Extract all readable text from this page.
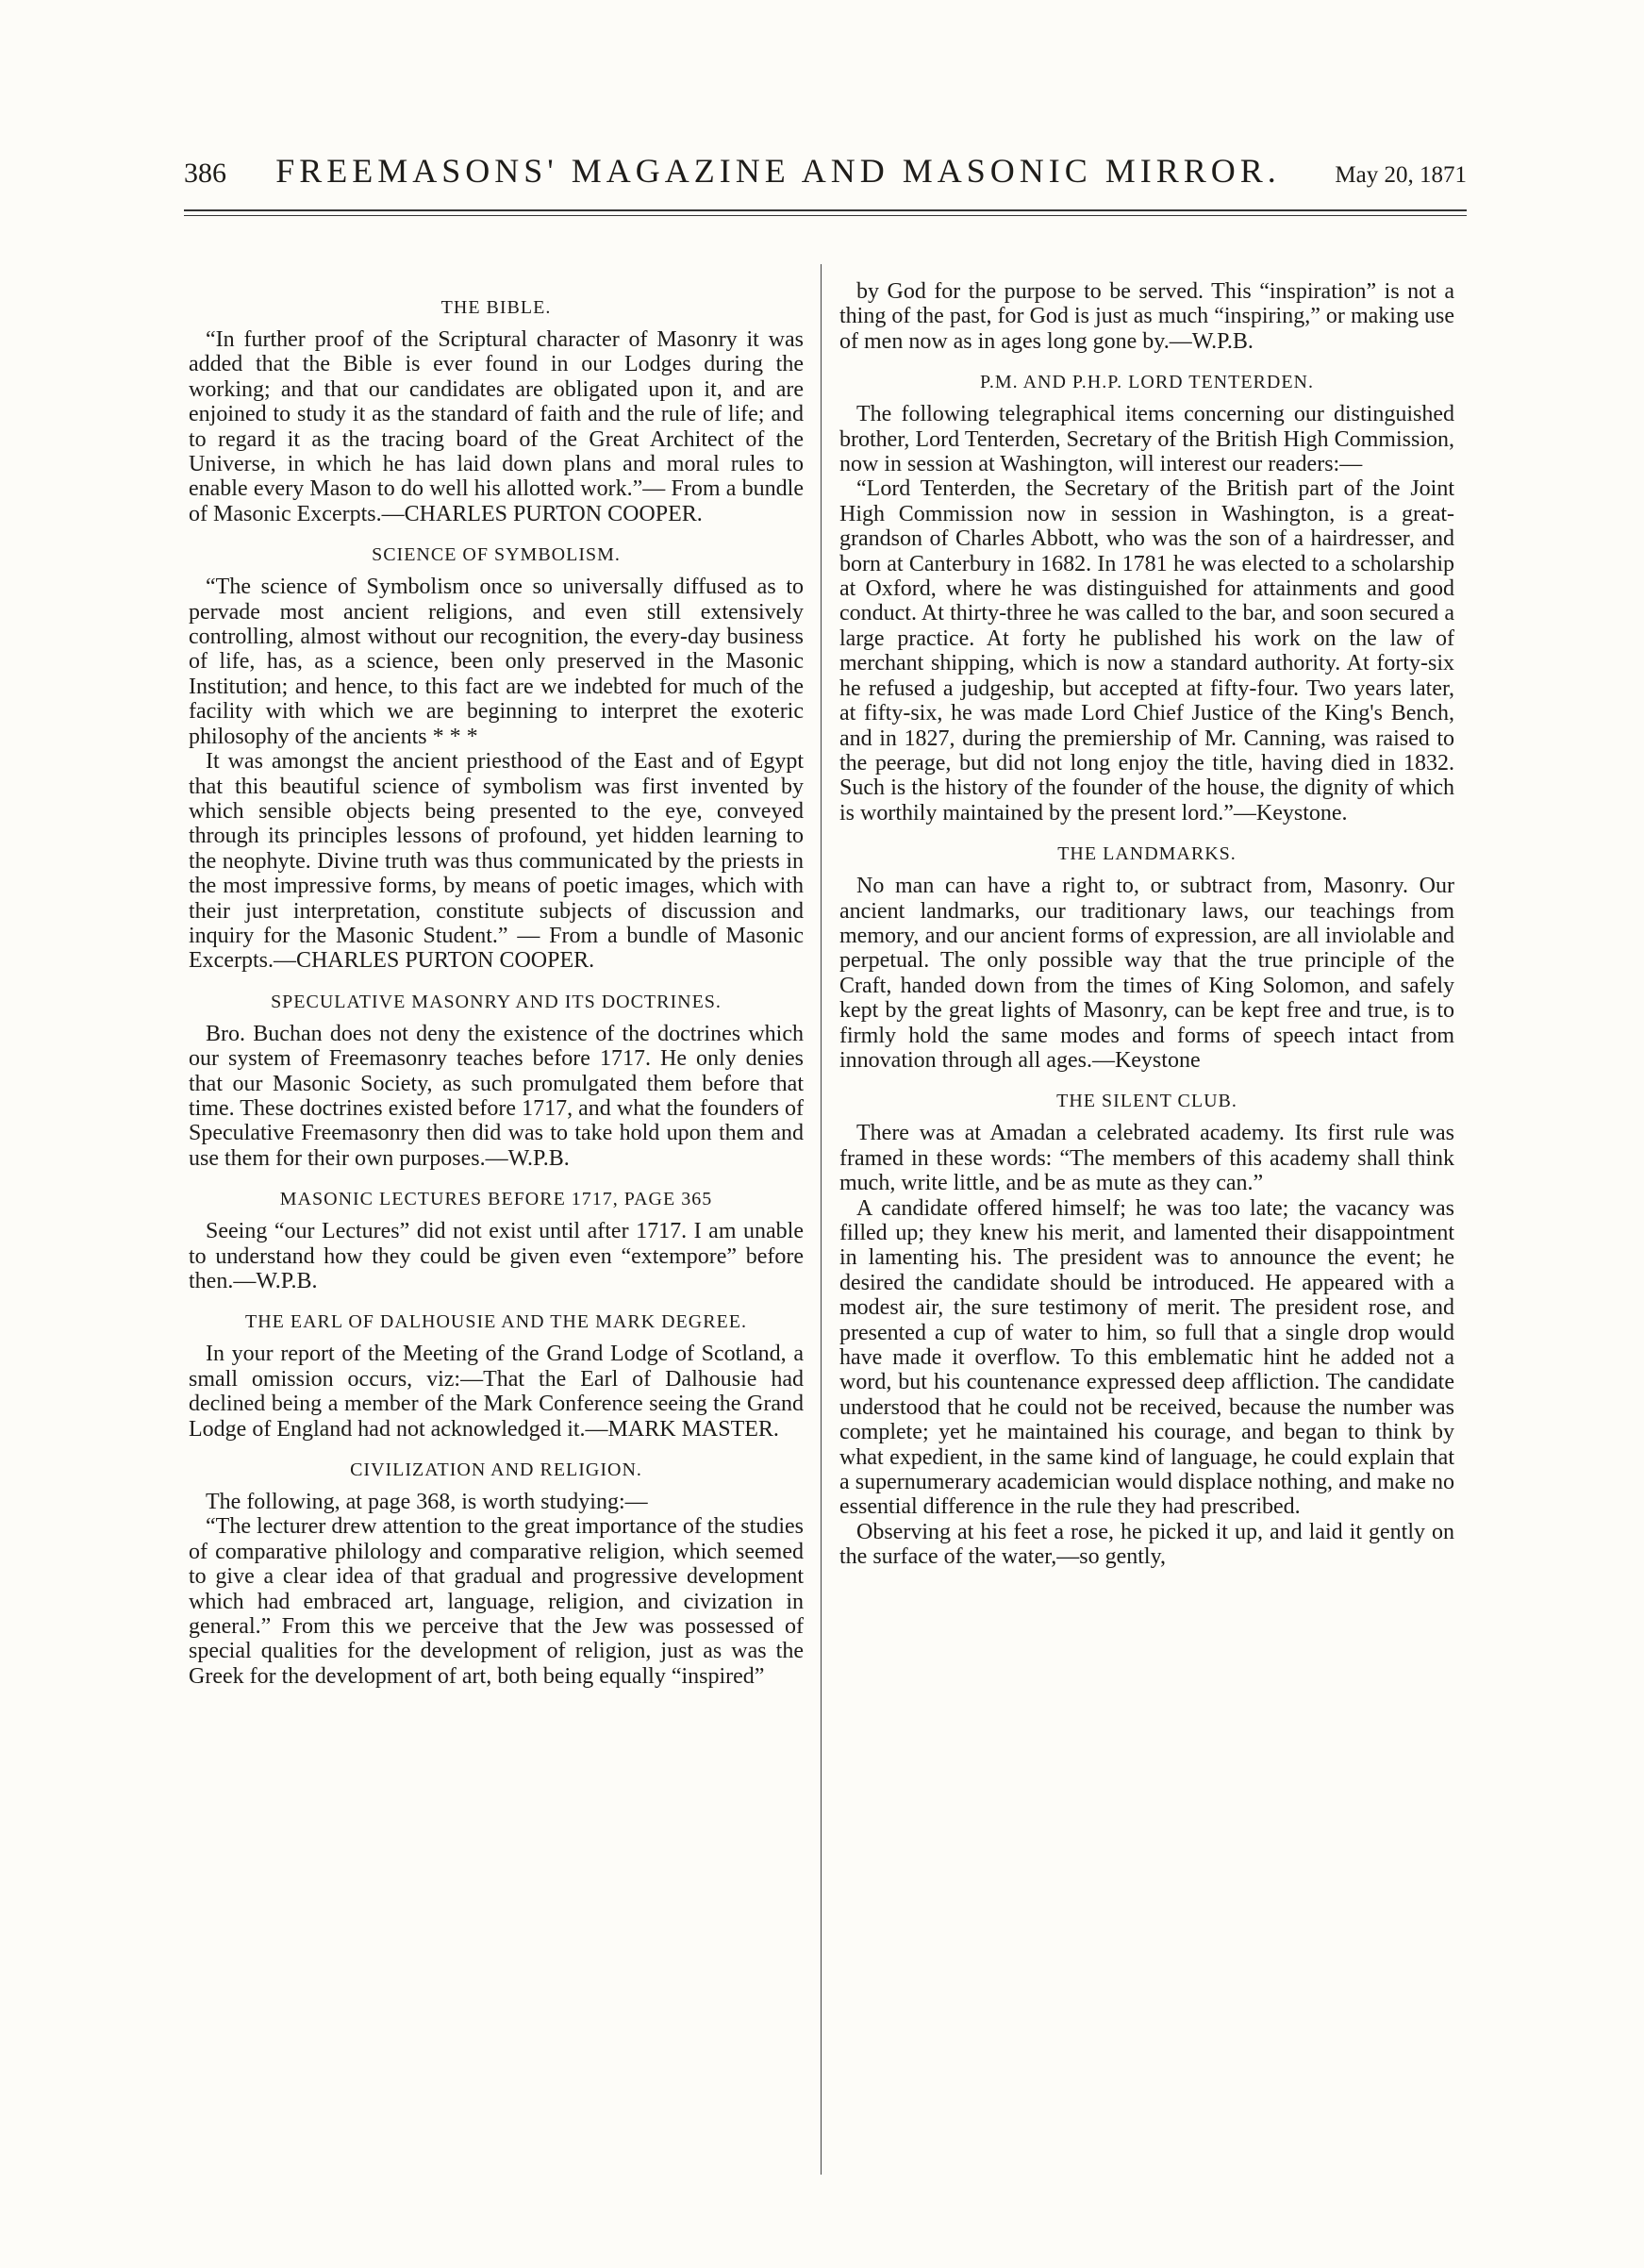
386	FREEMASONS' MAGAZINE AND MASONIC MIRROR.	May 20, 1871
THE BIBLE.

“In further proof of the Scriptural character of Masonry it was added that the Bible is ever found in our Lodges during the working; and that our candidates are obligated upon it, and are enjoined to study it as the standard of faith and the rule of life; and to regard it as the tracing board of the Great Architect of the Universe, in which he has laid down plans and moral rules to enable every Mason to do well his allotted work.”— From a bundle of Masonic Excerpts.—CHARLES PURTON COOPER.

SCIENCE OF SYMBOLISM.

“The science of Symbolism once so universally diffused as to pervade most ancient religions, and even still extensively controlling, almost without our recognition, the every-day business of life, has, as a science, been only preserved in the Masonic Institution; and hence, to this fact are we indebted for much of the facility with which we are beginning to interpret the exoteric philosophy of the ancients * * *

It was amongst the ancient priesthood of the East and of Egypt that this beautiful science of symbolism was first invented by which sensible objects being presented to the eye, conveyed through its principles lessons of profound, yet hidden learning to the neophyte. Divine truth was thus communicated by the priests in the most impressive forms, by means of poetic images, which with their just interpretation, constitute subjects of discussion and inquiry for the Masonic Student.” — From a bundle of Masonic Excerpts.—CHARLES PURTON COOPER.

SPECULATIVE MASONRY AND ITS DOCTRINES.

Bro. Buchan does not deny the existence of the doctrines which our system of Freemasonry teaches before 1717. He only denies that our Masonic Society, as such promulgated them before that time. These doctrines existed before 1717, and what the founders of Speculative Freemasonry then did was to take hold upon them and use them for their own purposes.—W.P.B.

MASONIC LECTURES BEFORE 1717, PAGE 365

Seeing “our Lectures” did not exist until after 1717. I am unable to understand how they could be given even “extempore” before then.—W.P.B.

THE EARL OF DALHOUSIE AND THE MARK DEGREE.

In your report of the Meeting of the Grand Lodge of Scotland, a small omission occurs, viz:—That the Earl of Dalhousie had declined being a member of the Mark Conference seeing the Grand Lodge of England had not acknowledged it.—MARK MASTER.

CIVILIZATION AND RELIGION.

The following, at page 368, is worth studying:—

“The lecturer drew attention to the great importance of the studies of comparative philology and comparative religion, which seemed to give a clear idea of that gradual and progressive development which had embraced art, language, religion, and civization in general.” From this we perceive that the Jew was possessed of special qualities for the development of religion, just as was the Greek for the development of art, both being equally “inspired”

by God for the purpose to be served. This “inspiration” is not a thing of the past, for God is just as much “inspiring,” or making use of men now as in ages long gone by.—W.P.B.

P.M. AND P.H.P. LORD TENTERDEN.

The following telegraphical items concerning our distinguished brother, Lord Tenterden, Secretary of the British High Commission, now in session at Washington, will interest our readers:—

“Lord Tenterden, the Secretary of the British part of the Joint High Commission now in session in Washington, is a great-grandson of Charles Abbott, who was the son of a hairdresser, and born at Canterbury in 1682. In 1781 he was elected to a scholarship at Oxford, where he was distinguished for attainments and good conduct. At thirty-three he was called to the bar, and soon secured a large practice. At forty he published his work on the law of merchant shipping, which is now a standard authority. At forty-six he refused a judgeship, but accepted at fifty-four. Two years later, at fifty-six, he was made Lord Chief Justice of the King's Bench, and in 1827, during the premiership of Mr. Canning, was raised to the peerage, but did not long enjoy the title, having died in 1832. Such is the history of the founder of the house, the dignity of which is worthily maintained by the present lord.”—Keystone.

THE LANDMARKS.

No man can have a right to, or subtract from, Masonry. Our ancient landmarks, our traditionary laws, our teachings from memory, and our ancient forms of expression, are all inviolable and perpetual. The only possible way that the true principle of the Craft, handed down from the times of King Solomon, and safely kept by the great lights of Masonry, can be kept free and true, is to firmly hold the same modes and forms of speech intact from innovation through all ages.—Keystone

THE SILENT CLUB.

There was at Amadan a celebrated academy. Its first rule was framed in these words: “The members of this academy shall think much, write little, and be as mute as they can.”

A candidate offered himself; he was too late; the vacancy was filled up; they knew his merit, and lamented their disappointment in lamenting his. The president was to announce the event; he desired the candidate should be introduced. He appeared with a modest air, the sure testimony of merit. The president rose, and presented a cup of water to him, so full that a single drop would have made it overflow. To this emblematic hint he added not a word, but his countenance expressed deep affliction. The candidate understood that he could not be received, because the number was complete; yet he maintained his courage, and began to think by what expedient, in the same kind of language, he could explain that a supernumerary academician would displace nothing, and make no essential difference in the rule they had prescribed.

Observing at his feet a rose, he picked it up, and laid it gently on the surface of the water,—so gently,
